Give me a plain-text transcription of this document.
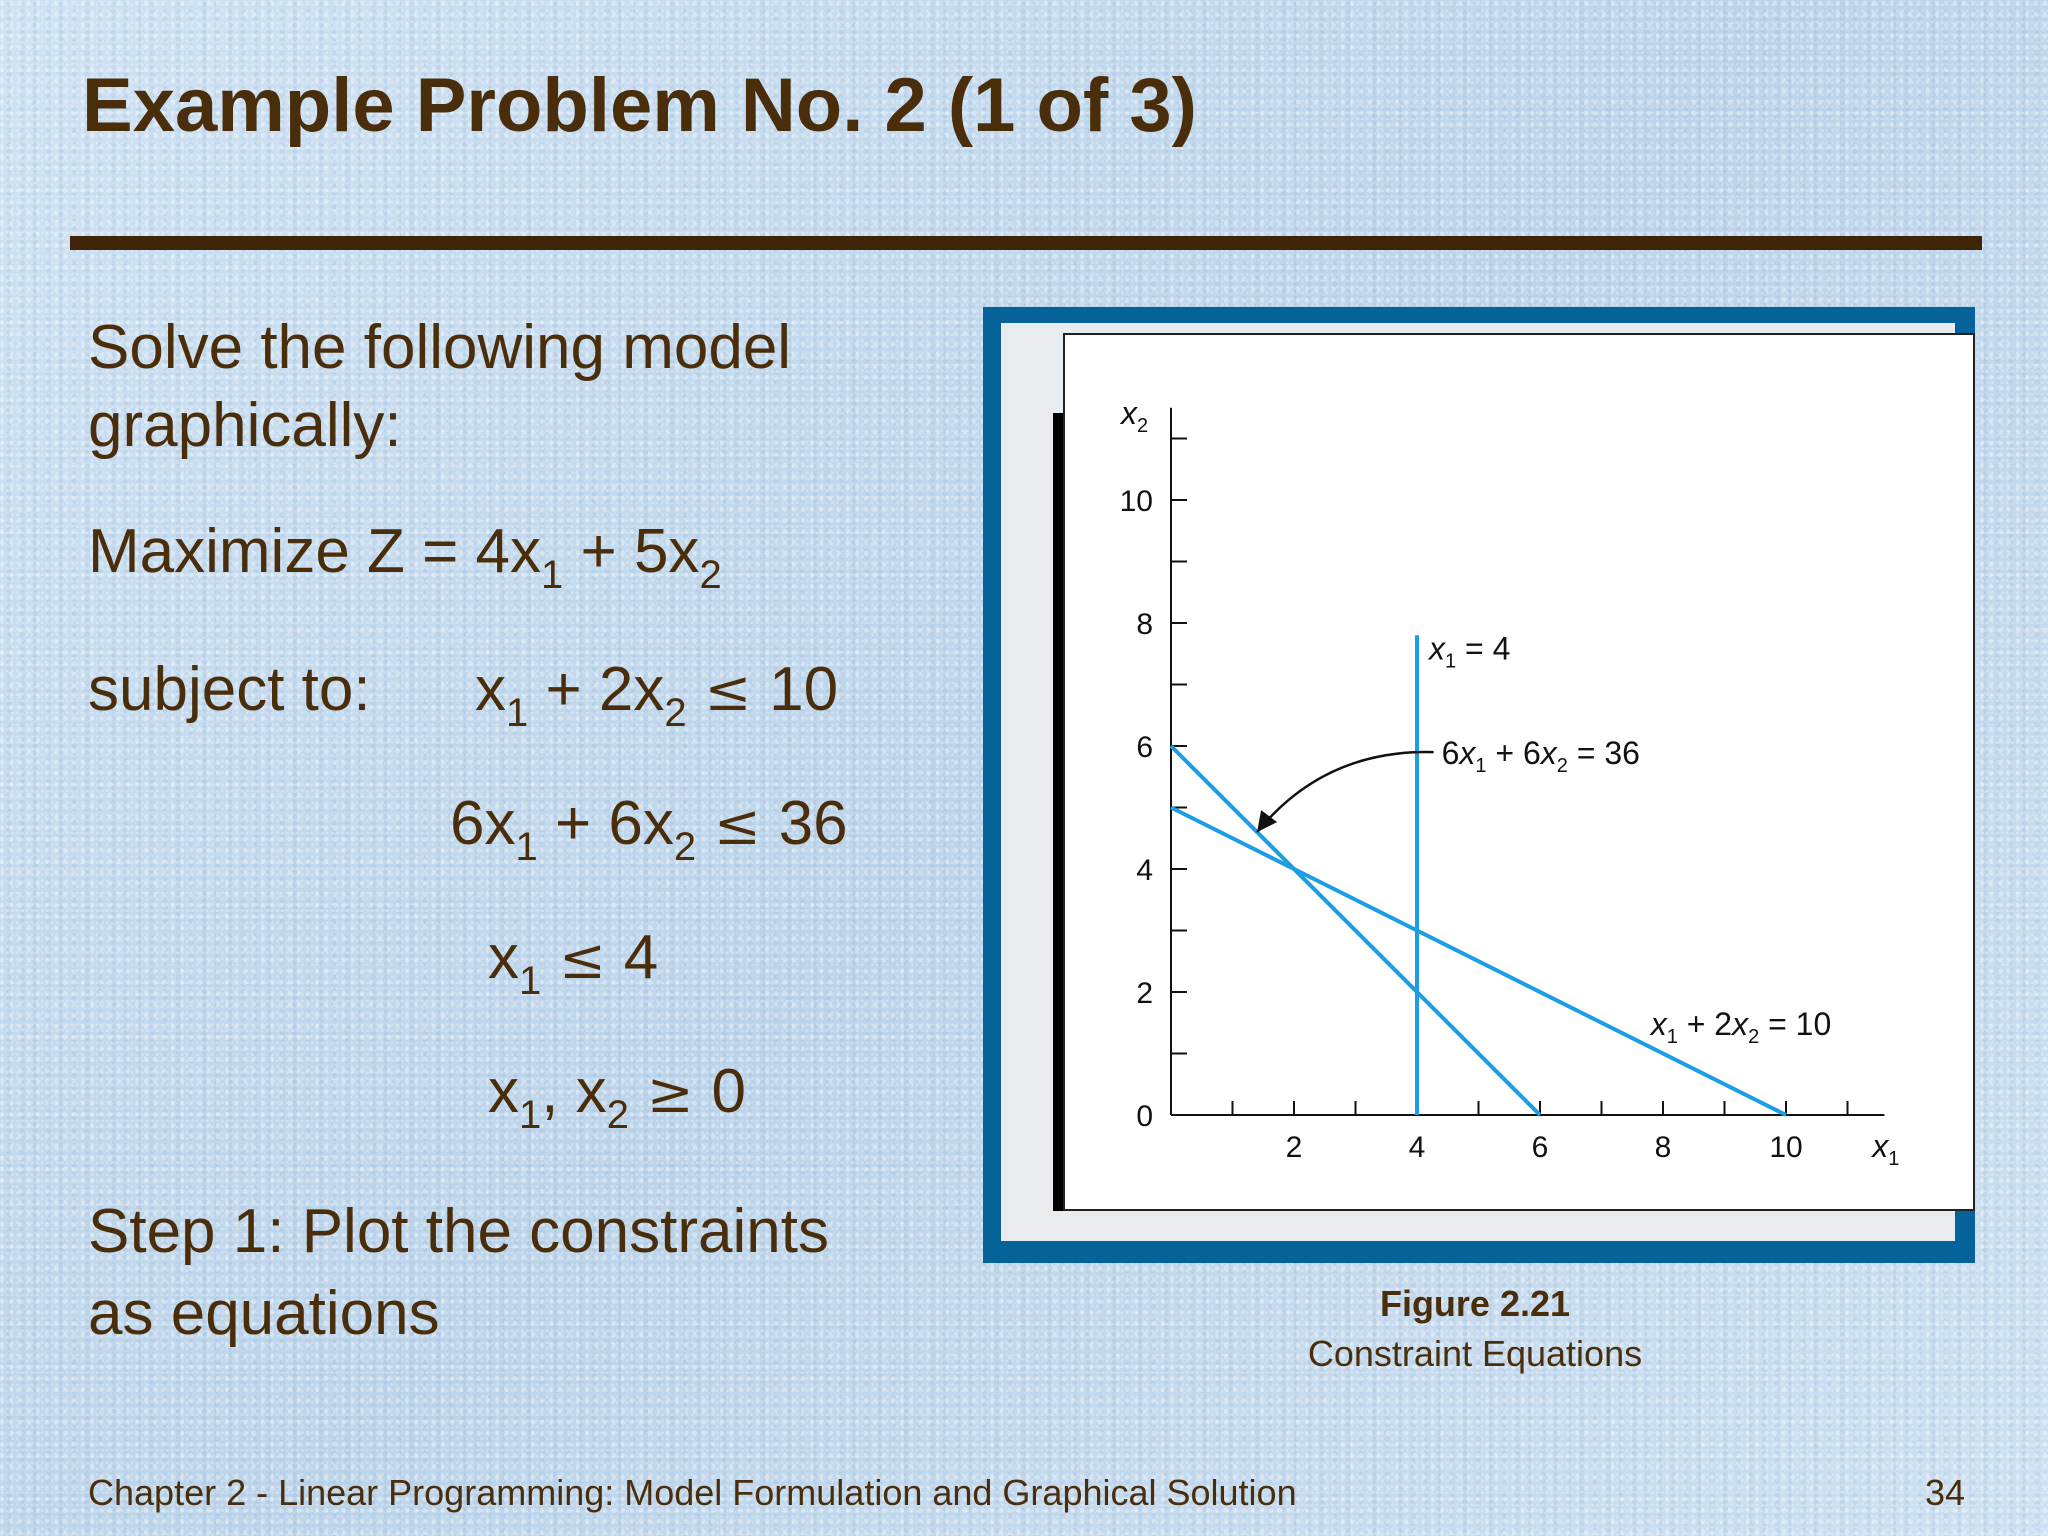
Example Problem No. 2 (1 of 3)
Solve the following model
graphically:
Maximize $Z = 4x_1 + 5x_2$
subject to: $x_1 + 2x_2 \le 10$
$6x_1 + 6x_2 \le 36$
$x_1 \le 4$
$x_1$, $x_2 \ge 0$
Step 1: Plot the constraints
as equations
2	4	6	8	10
0
2
4
6
8
10
$x_1$
$x_2$
$x_1 = 4$
$6x_1 + 6x_2 = 36$
$x_1 + 2x_2 = 10$
Figure 2.21
Constraint Equations
Chapter 2 - Linear Programming: Model Formulation and Graphical Solution	34
